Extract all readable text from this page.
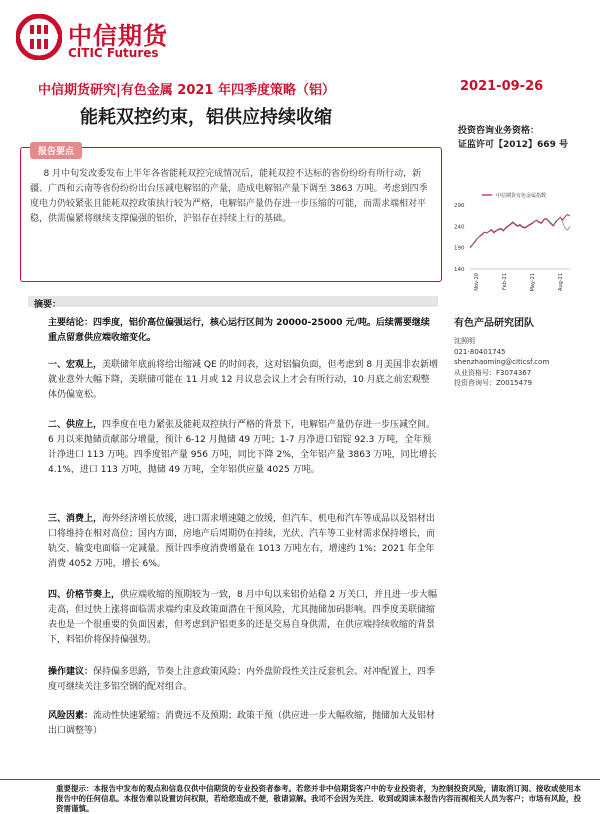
中信期货
CITIC Futures
中信期货研究|有色金属 2021 年四季度策略（铝）	2021-09-26
能耗双控约束，铝供应持续收缩
投资咨询业务资格：
证监许可【2012】669 号
报告要点
8 月中旬发改委发布上半年各省能耗双控完成情况后，能耗双控不达标的省份纷纷有所行动，新疆、广西和云南等省份纷纷出台压减电解铝的产量，造成电解铝产量下调至 3863 万吨。考虑到四季度电力仍较紧张且能耗双控政策执行较为严格，电解铝产量仍存进一步压缩的可能，而需求端相对平稳，供需偏紧将继续支撑偏强的铝价，沪铝存在持续上行的基础。
中信期货有色金属指数
290
240
190
140
Nov-20	Feb-21	May-21	Aug-21
摘要：
主要结论：四季度，铝价高位偏强运行，核心运行区间为 20000-25000 元/吨。后续需要继续重点留意供应端收缩变化。
一、宏观上，美联储年底前将给出缩减 QE 的时间表，这对铝偏负面，但考虑到 8 月美国非农新增就业意外大幅下降，美联储可能在 11 月或 12 月议息会议上才会有所行动，10 月底之前宏观整体仍偏宽松。
二、供应上，四季度在电力紧张及能耗双控执行严格的背景下，电解铝产量仍存进一步压减空间。6 月以来抛储贡献部分增量，预计 6-12 月抛储 49 万吨；1-7 月净进口铝锭 92.3 万吨，全年预计净进口 113 万吨。四季度铝产量 956 万吨，同比下降 2%，全年铝产量 3863 万吨，同比增长 4.1%，进口 113 万吨，抛储 49 万吨，全年铝供应量 4025 万吨。
三、消费上，海外经济增长放缓，进口需求增速随之放缓，但汽车、机电和汽车等成品以及铝材出口将维持在相对高位；国内方面，房地产后周期仍在持续，光伏、汽车等工业材需求保持增长，而轨交、输变电面临一定减量。预计四季度消费增量在 1013 万吨左右，增速约 1%；2021 年全年消费 4052 万吨，增长 6%。
四、价格节奏上，供应端收缩的预期较为一致，8 月中旬以来铝价站稳 2 万关口，并且进一步大幅走高，但过快上涨将面临需求端约束及政策面潜在干预风险，尤其抛储加码影响。四季度美联储缩表也是一个很重要的负面因素，但考虑到沪铝更多的还是交易自身供需，在供应端持续收缩的背景下，料铝价将保持偏强势。
操作建议：保持偏多思路，节奏上注意政策风险；内外盘阶段性关注反套机会。对冲配置上，四季度可继续关注多铝空钢的配对组合。
风险因素：流动性快速紧缩；消费远不及预期；政策干预（供应进一步大幅收缩，抛储加大及铝材出口调整等）
有色产品研究团队
沈照明
021-80401745
shenzhaoming@citicsf.com
从业资格号：F3074367
投资咨询号：Z0015479
重要提示：本报告中发布的观点和信息仅供中信期货的专业投资者参考。若您并非中信期货客户中的专业投资者，为控制投资风险，请取消订阅、接收或使用本报告中的任何信息。本报告难以设置访问权限，若给您造成不便，敬请谅解。我司不会因为关注、收到或阅读本报告内容而视相关人员为客户；市场有风险，投资需谨慎。
